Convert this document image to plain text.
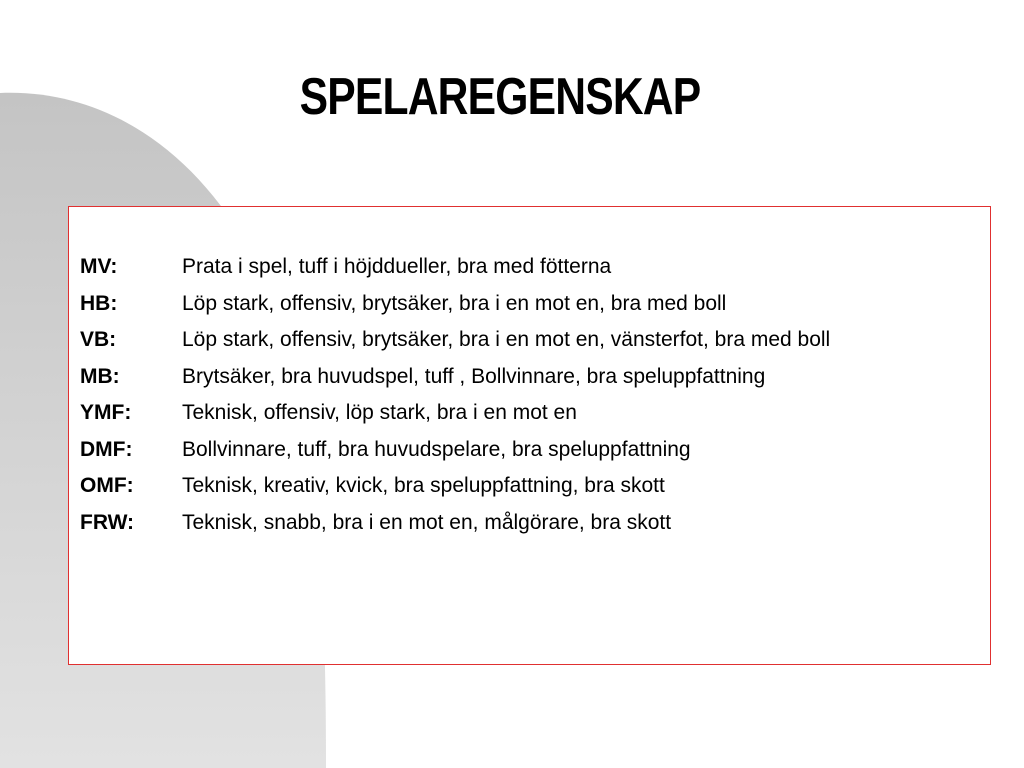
SPELAREGENSKAP
MV:	Prata i spel, tuff i höjddueller, bra med fötterna
HB:	Löp stark, offensiv, brytsäker, bra i en mot en, bra med boll
VB:	Löp stark, offensiv, brytsäker, bra i en mot en, vänsterfot, bra med boll
MB:	Brytsäker, bra huvudspel, tuff , Bollvinnare, bra speluppfattning
YMF:	Teknisk, offensiv, löp stark, bra i en mot en
DMF:	Bollvinnare, tuff, bra huvudspelare, bra speluppfattning
OMF:	Teknisk, kreativ, kvick, bra speluppfattning, bra skott
FRW:	Teknisk, snabb, bra i en mot en, målgörare, bra skott
